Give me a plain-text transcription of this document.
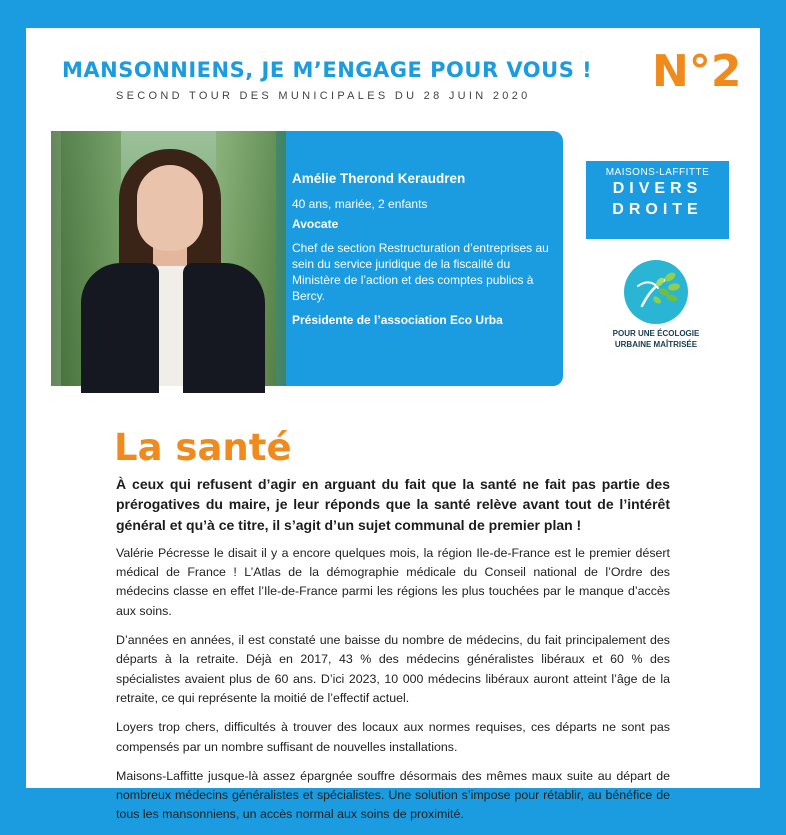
MANSONNIENS, JE M’ENGAGE POUR VOUS ! N°2
SECOND TOUR DES MUNICIPALES DU 28 JUIN 2020
Amélie Therond Keraudren
40 ans, mariée, 2 enfants
Avocate
Chef de section Restructuration d’entreprises au sein du service juridique de la fiscalité du Ministère de l’action et des comptes publics à Bercy.
Présidente de l’association Eco Urba
MAISONS-LAFFITTE
DIVERS
DROITE
POUR UNE ÉCOLOGIE
URBAINE MAÎTRISÉE
La santé
À ceux qui refusent d’agir en arguant du fait que la santé ne fait pas partie des prérogatives du maire, je leur réponds que la santé relève avant tout de l’intérêt général et qu’à ce titre, il s’agit d’un sujet communal de premier plan !

Valérie Pécresse le disait il y a encore quelques mois, la région Ile-de-France est le premier désert médical de France ! L’Atlas de la démographie médicale du Conseil national de l’Ordre des médecins classe en effet l’Ile-de-France parmi les régions les plus touchées par le manque d’accès aux soins.

D’années en années, il est constaté une baisse du nombre de médecins, du fait principalement des départs à la retraite. Déjà en 2017, 43 % des médecins généralistes libéraux et 60 % des spécialistes avaient plus de 60 ans. D’ici 2023, 10 000 médecins libéraux auront atteint l’âge de la retraite, ce qui représente la moitié de l’effectif actuel.

Loyers trop chers, difficultés à trouver des locaux aux normes requises, ces départs ne sont pas compensés par un nombre suffisant de nouvelles installations.

Maisons-Laffitte jusque-là assez épargnée souffre désormais des mêmes maux suite au départ de nombreux médecins généralistes et spécialistes. Une solution s’impose pour rétablir, au bénéfice de tous les mansonniens, un accès normal aux soins de proximité.
